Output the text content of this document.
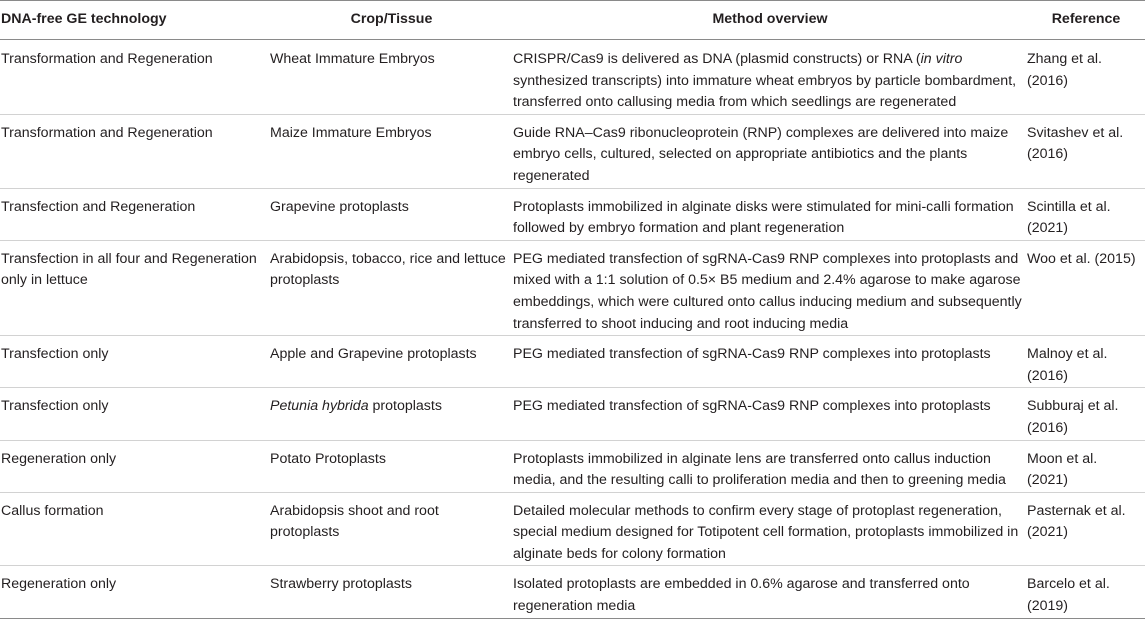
DNA-free GE technology	Crop/Tissue	Method overview	Reference
Transformation and Regeneration	Wheat Immature Embryos	CRISPR/Cas9 is delivered as DNA (plasmid constructs) or RNA (in vitro synthesized transcripts) into immature wheat embryos by particle bombardment, transferred onto callusing media from which seedlings are regenerated	Zhang et al. (2016)
Transformation and Regeneration	Maize Immature Embryos	Guide RNA–Cas9 ribonucleoprotein (RNP) complexes are delivered into maize embryo cells, cultured, selected on appropriate antibiotics and the plants regenerated	Svitashev et al. (2016)
Transfection and Regeneration	Grapevine protoplasts	Protoplasts immobilized in alginate disks were stimulated for mini-calli formation followed by embryo formation and plant regeneration	Scintilla et al. (2021)
Transfection in all four and Regeneration only in lettuce	Arabidopsis, tobacco, rice and lettuce protoplasts	PEG mediated transfection of sgRNA-Cas9 RNP complexes into protoplasts and mixed with a 1:1 solution of 0.5× B5 medium and 2.4% agarose to make agarose embeddings, which were cultured onto callus inducing medium and subsequently transferred to shoot inducing and root inducing media	Woo et al. (2015)
Transfection only	Apple and Grapevine protoplasts	PEG mediated transfection of sgRNA-Cas9 RNP complexes into protoplasts	Malnoy et al. (2016)
Transfection only	Petunia hybrida protoplasts	PEG mediated transfection of sgRNA-Cas9 RNP complexes into protoplasts	Subburaj et al. (2016)
Regeneration only	Potato Protoplasts	Protoplasts immobilized in alginate lens are transferred onto callus induction media, and the resulting calli to proliferation media and then to greening media	Moon et al. (2021)
Callus formation	Arabidopsis shoot and root protoplasts	Detailed molecular methods to confirm every stage of protoplast regeneration, special medium designed for Totipotent cell formation, protoplasts immobilized in alginate beds for colony formation	Pasternak et al. (2021)
Regeneration only	Strawberry protoplasts	Isolated protoplasts are embedded in 0.6% agarose and transferred onto regeneration media	Barcelo et al. (2019)
